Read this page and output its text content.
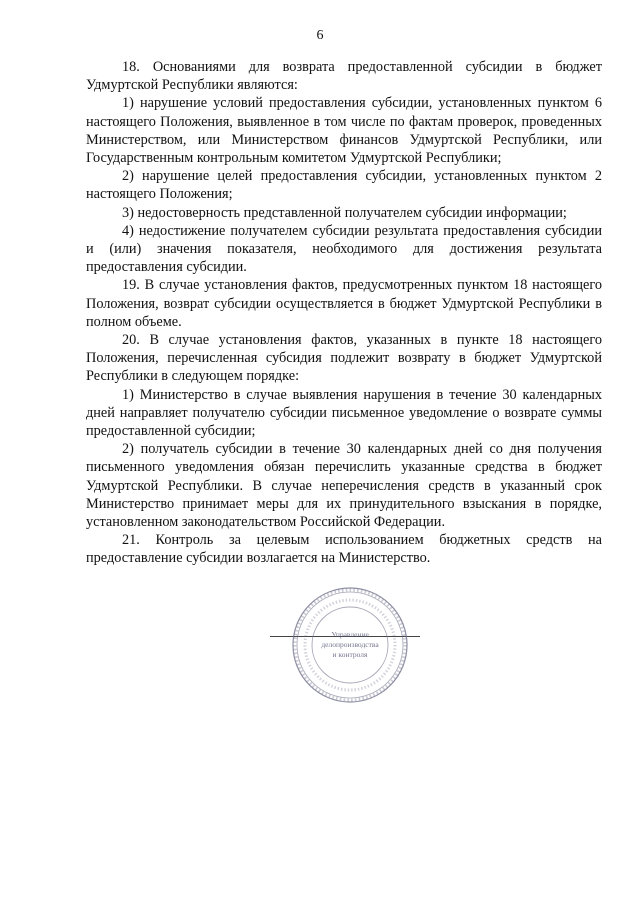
6

18. Основаниями для возврата предоставленной субсидии в бюджет Удмуртской Республики являются:

1) нарушение условий предоставления субсидии, установленных пунктом 6 настоящего Положения, выявленное в том числе по фактам проверок, проведенных Министерством, или Министерством финансов Удмуртской Республики, или Государственным контрольным комитетом Удмуртской Республики;

2) нарушение целей предоставления субсидии, установленных пунктом 2 настоящего Положения;

3) недостоверность представленной получателем субсидии информации;

4) недостижение получателем субсидии результата предоставления субсидии и (или) значения показателя, необходимого для достижения результата предоставления субсидии.

19. В случае установления фактов, предусмотренных пунктом 18 настоящего Положения, возврат субсидии осуществляется в бюджет Удмуртской Республики в полном объеме.

20. В случае установления фактов, указанных в пункте 18 настоящего Положения, перечисленная субсидия подлежит возврату в бюджет Удмуртской Республики в следующем порядке:

1) Министерство в случае выявления нарушения в течение 30 календарных дней направляет получателю субсидии письменное уведомление о возврате суммы предоставленной субсидии;

2) получатель субсидии в течение 30 календарных дней со дня получения письменного уведомления обязан перечислить указанные средства в бюджет Удмуртской Республики. В случае неперечисления средств в указанный срок Министерство принимает меры для их принудительного взыскания в порядке, установленном законодательством Российской Федерации.

21. Контроль за целевым использованием бюджетных средств на предоставление субсидии возлагается на Министерство.

Управление
делопроизводства
и контроля
